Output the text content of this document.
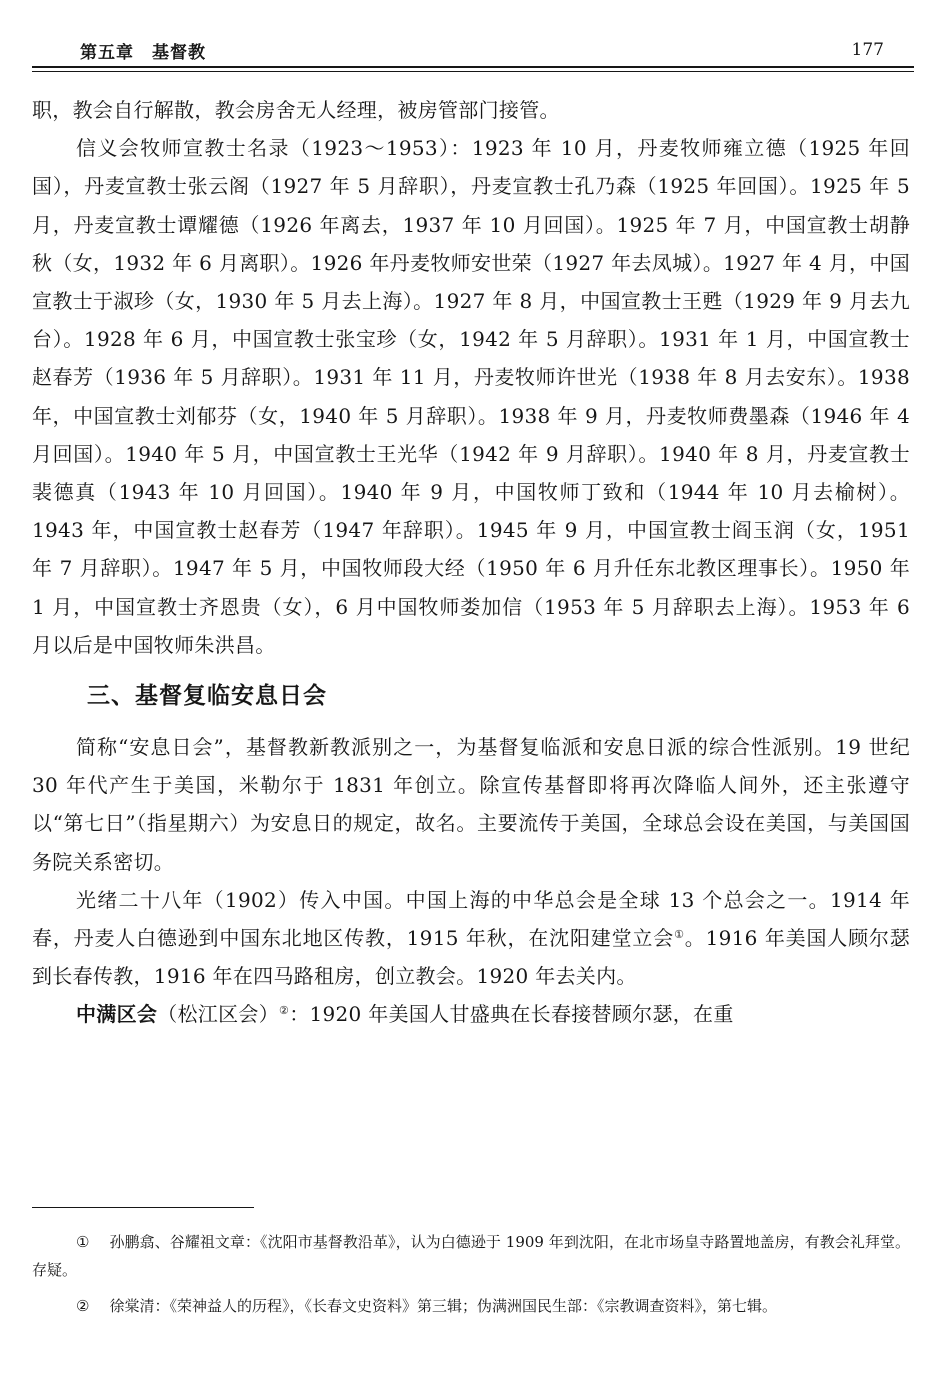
第五章　基督教	177

职，教会自行解散，教会房舍无人经理，被房管部门接管。

信义会牧师宣教士名录（1923～1953）：1923 年 10 月，丹麦牧师雍立德（1925 年回国），丹麦宣教士张云阁（1927 年 5 月辞职），丹麦宣教士孔乃森（1925 年回国）。1925 年 5 月，丹麦宣教士谭耀德（1926 年离去，1937 年 10 月回国）。1925 年 7 月，中国宣教士胡静秋（女，1932 年 6 月离职）。1926 年丹麦牧师安世荣（1927 年去凤城）。1927 年 4 月，中国宣教士于淑珍（女，1930 年 5 月去上海）。1927 年 8 月，中国宣教士王甦（1929 年 9 月去九台）。1928 年 6 月，中国宣教士张宝珍（女，1942 年 5 月辞职）。1931 年 1 月，中国宣教士赵春芳（1936 年 5 月辞职）。1931 年 11 月，丹麦牧师许世光（1938 年 8 月去安东）。1938 年，中国宣教士刘郁芬（女，1940 年 5 月辞职）。1938 年 9 月，丹麦牧师费墨森（1946 年 4 月回国）。1940 年 5 月，中国宣教士王光华（1942 年 9 月辞职）。1940 年 8 月，丹麦宣教士裴德真（1943 年 10 月回国）。1940 年 9 月，中国牧师丁致和（1944 年 10 月去榆树）。1943 年，中国宣教士赵春芳（1947 年辞职）。1945 年 9 月，中国宣教士阎玉润（女，1951 年 7 月辞职）。1947 年 5 月，中国牧师段大经（1950 年 6 月升任东北教区理事长）。1950 年 1 月，中国宣教士齐恩贵（女），6 月中国牧师娄加信（1953 年 5 月辞职去上海）。1953 年 6 月以后是中国牧师朱洪昌。

三、基督复临安息日会

简称“安息日会”，基督教新教派别之一，为基督复临派和安息日派的综合性派别。19 世纪 30 年代产生于美国，米勒尔于 1831 年创立。除宣传基督即将再次降临人间外，还主张遵守以“第七日”（指星期六）为安息日的规定，故名。主要流传于美国，全球总会设在美国，与美国国务院关系密切。

光绪二十八年（1902）传入中国。中国上海的中华总会是全球 13 个总会之一。1914 年春，丹麦人白德逊到中国东北地区传教，1915 年秋，在沈阳建堂立会①。1916 年美国人顾尔瑟到长春传教，1916 年在四马路租房，创立教会。1920 年去关内。

中满区会（松江区会）②：1920 年美国人甘盛典在长春接替顾尔瑟，在重

① 孙鹏翕、谷耀祖文章：《沈阳市基督教沿革》，认为白德逊于 1909 年到沈阳，在北市场皇寺路置地盖房，有教会礼拜堂。存疑。

② 徐棠清：《荣神益人的历程》，《长春文史资料》第三辑；伪满洲国民生部：《宗教调查资料》，第七辑。
